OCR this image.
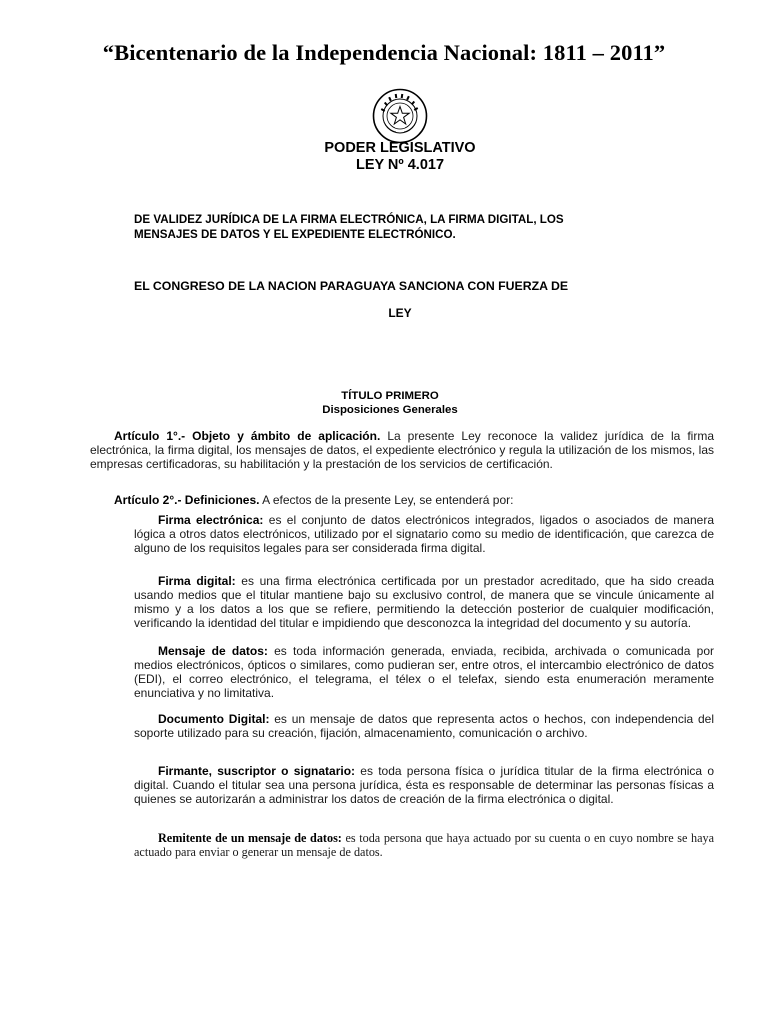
“Bicentenario de la Independencia Nacional: 1811 – 2011”
PODER LEGISLATIVO
LEY Nº 4.017
DE VALIDEZ JURÍDICA DE LA FIRMA ELECTRÓNICA, LA FIRMA DIGITAL, LOS
MENSAJES DE DATOS Y EL EXPEDIENTE ELECTRÓNICO.
EL CONGRESO DE LA NACION PARAGUAYA SANCIONA CON FUERZA DE
LEY
TÍTULO PRIMERO
Disposiciones Generales
Artículo 1°.- Objeto y ámbito de aplicación. La presente Ley reconoce la validez jurídica de la firma electrónica, la firma digital, los mensajes de datos, el expediente electrónico y regula la utilización de los mismos, las empresas certificadoras, su habilitación y la prestación de los servicios de certificación.
Artículo 2°.- Definiciones. A efectos de la presente Ley, se entenderá por:
Firma electrónica: es el conjunto de datos electrónicos integrados, ligados o asociados de manera lógica a otros datos electrónicos, utilizado por el signatario como su medio de identificación, que carezca de alguno de los requisitos legales para ser considerada firma digital.
Firma digital: es una firma electrónica certificada por un prestador acreditado, que ha sido creada usando medios que el titular mantiene bajo su exclusivo control, de manera que se vincule únicamente al mismo y a los datos a los que se refiere, permitiendo la detección posterior de cualquier modificación, verificando la identidad del titular e impidiendo que desconozca la integridad del documento y su autoría.
Mensaje de datos: es toda información generada, enviada, recibida, archivada o comunicada por medios electrónicos, ópticos o similares, como pudieran ser, entre otros, el intercambio electrónico de datos (EDI), el correo electrónico, el telegrama, el télex o el telefax, siendo esta enumeración meramente enunciativa y no limitativa.
Documento Digital: es un mensaje de datos que representa actos o hechos, con independencia del soporte utilizado para su creación, fijación, almacenamiento, comunicación o archivo.
Firmante, suscriptor o signatario: es toda persona física o jurídica titular de la firma electrónica o digital. Cuando el titular sea una persona jurídica, ésta es responsable de determinar las personas físicas a quienes se autorizarán a administrar los datos de creación de la firma electrónica o digital.
Remitente de un mensaje de datos: es toda persona que haya actuado por su cuenta o en cuyo nombre se haya actuado para enviar o generar un mensaje de datos.
